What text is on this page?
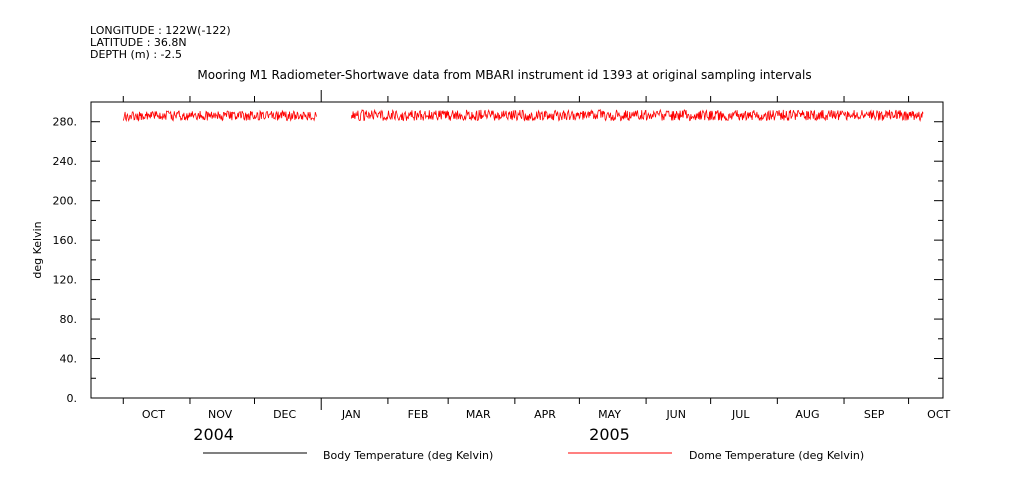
LONGITUDE : 122W(-122)
LATITUDE : 36.8N
DEPTH (m) : -2.5
Mooring M1 Radiometer-Shortwave data from MBARI instrument id 1393 at original sampling intervals
0.
40.
80.
120.
160.
200.
240.
280.
OCT	NOV	DEC	JAN	FEB	MAR	APR	MAY	JUN	JUL	AUG	SEP	OCT
2004	2005
deg Kelvin
Body Temperature (deg Kelvin)	Dome Temperature (deg Kelvin)
